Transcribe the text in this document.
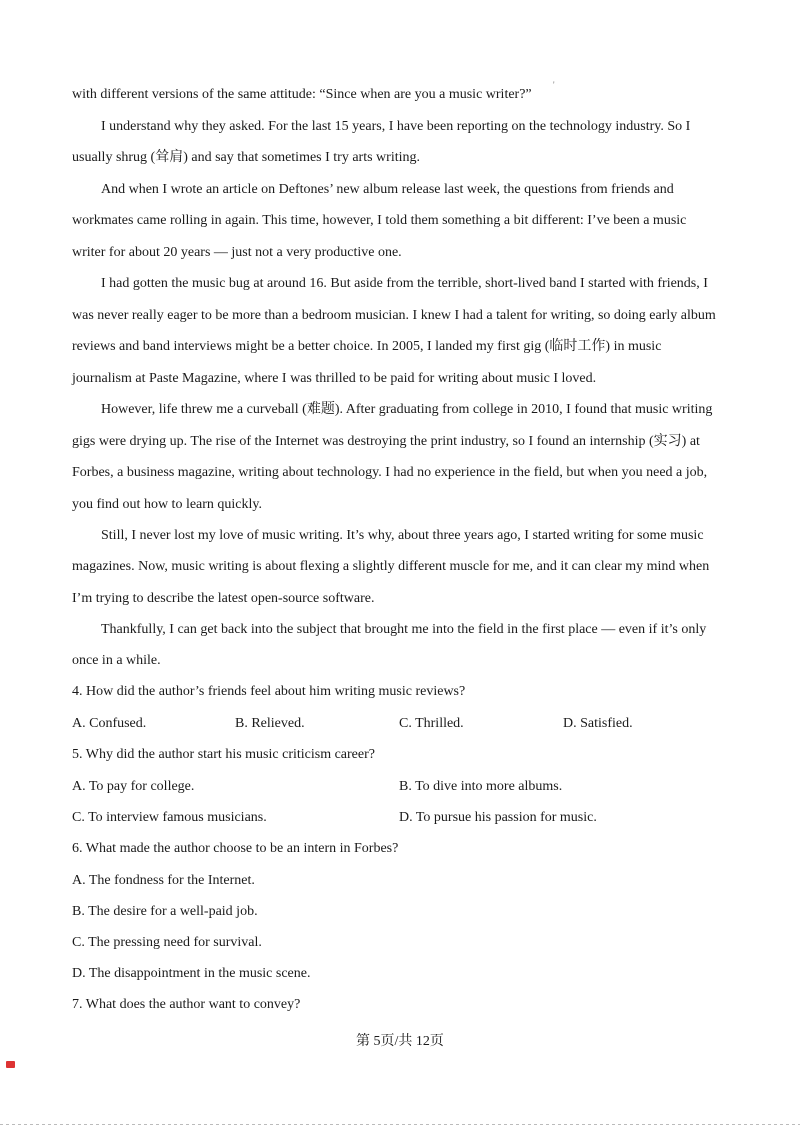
'
with different versions of the same attitude: “Since when are you a music writer?”
I understand why they asked. For the last 15 years, I have been reporting on the technology industry. So I
usually shrug (耸肩) and say that sometimes I try arts writing.
And when I wrote an article on Deftones’ new album release last week, the questions from friends and
workmates came rolling in again. This time, however, I told them something a bit different: I’ve been a music
writer for about 20 years — just not a very productive one.
I had gotten the music bug at around 16. But aside from the terrible, short-lived band I started with friends, I
was never really eager to be more than a bedroom musician. I knew I had a talent for writing, so doing early album
reviews and band interviews might be a better choice. In 2005, I landed my first gig (临时工作) in music
journalism at Paste Magazine, where I was thrilled to be paid for writing about music I loved.
However, life threw me a curveball (难题). After graduating from college in 2010, I found that music writing
gigs were drying up. The rise of the Internet was destroying the print industry, so I found an internship (实习) at
Forbes, a business magazine, writing about technology. I had no experience in the field, but when you need a job,
you find out how to learn quickly.
Still, I never lost my love of music writing. It’s why, about three years ago, I started writing for some music
magazines. Now, music writing is about flexing a slightly different muscle for me, and it can clear my mind when
I’m trying to describe the latest open-source software.
Thankfully, I can get back into the subject that brought me into the field in the first place — even if it’s only
once in a while.
4. How did the author’s friends feel about him writing music reviews?
A. Confused.	B. Relieved.	C. Thrilled.	D. Satisfied.
5. Why did the author start his music criticism career?
A. To pay for college.	B. To dive into more albums.
C. To interview famous musicians.	D. To pursue his passion for music.
6. What made the author choose to be an intern in Forbes?
A. The fondness for the Internet.
B. The desire for a well-paid job.
C. The pressing need for survival.
D. The disappointment in the music scene.
7. What does the author want to convey?
第 5页/共 12页
